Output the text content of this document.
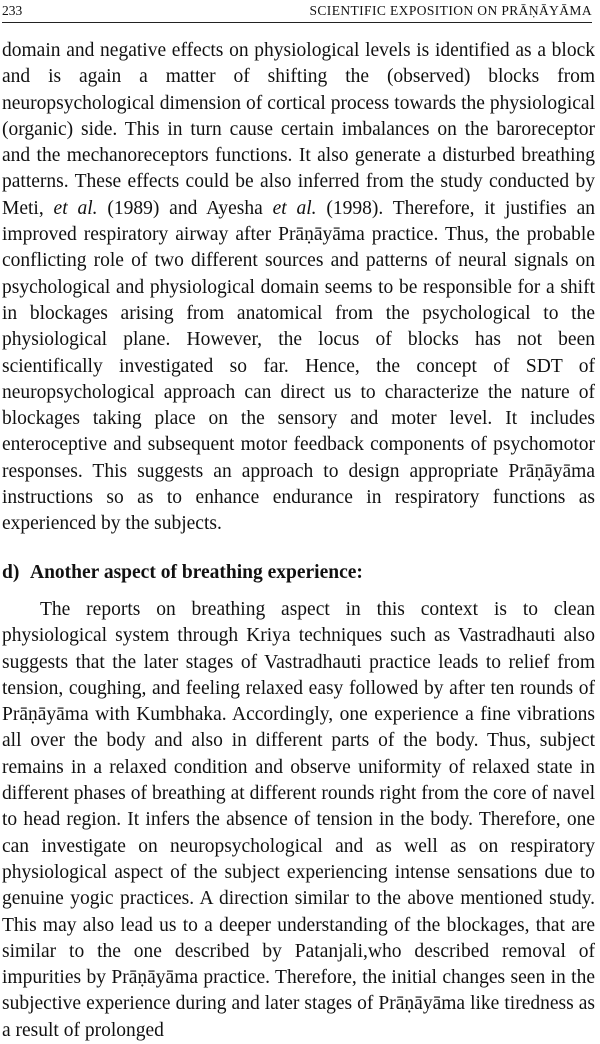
233	SCIENTIFIC EXPOSITION ON PRĀṆĀYĀMA

domain and negative effects on physiological levels is identified as a block and is again a matter of shifting the (observed) blocks from neuropsychological dimension of cortical process towards the physiological (organic) side. This in turn cause certain imbalances on the baroreceptor and the mechanoreceptors functions. It also generate a disturbed breathing patterns. These effects could be also inferred from the study conducted by Meti, et al. (1989) and Ayesha et al. (1998). Therefore, it justifies an improved respiratory airway after Prāṇāyāma practice. Thus, the probable conflicting role of two different sources and patterns of neural signals on psychological and physiological domain seems to be responsible for a shift in blockages arising from anatomical from the psychological to the physiological plane. However, the locus of blocks has not been scientifically investigated so far. Hence, the concept of SDT of neuropsychological approach can direct us to characterize the nature of blockages taking place on the sensory and moter level. It includes enteroceptive and subsequent motor feedback components of psychomotor responses. This suggests an approach to design appropriate Prāṇāyāma instructions so as to enhance endurance in respiratory functions as experienced by the subjects.

d) Another aspect of breathing experience:

The reports on breathing aspect in this context is to clean physiological system through Kriya techniques such as Vastradhauti also suggests that the later stages of Vastradhauti practice leads to relief from tension, coughing, and feeling relaxed easy followed by after ten rounds of Prāṇāyāma with Kumbhaka. Accordingly, one experience a fine vibrations all over the body and also in different parts of the body. Thus, subject remains in a relaxed condition and observe uniformity of relaxed state in different phases of breathing at different rounds right from the core of navel to head region. It infers the absence of tension in the body. Therefore, one can investigate on neuropsychological and as well as on respiratory physiological aspect of the subject experiencing intense sensations due to genuine yogic practices. A direction similar to the above mentioned study. This may also lead us to a deeper understanding of the blockages, that are similar to the one described by Patanjali,who described removal of impurities by Prāṇāyāma practice. Therefore, the initial changes seen in the subjective experience during and later stages of Prāṇāyāma like tiredness as a result of prolonged
